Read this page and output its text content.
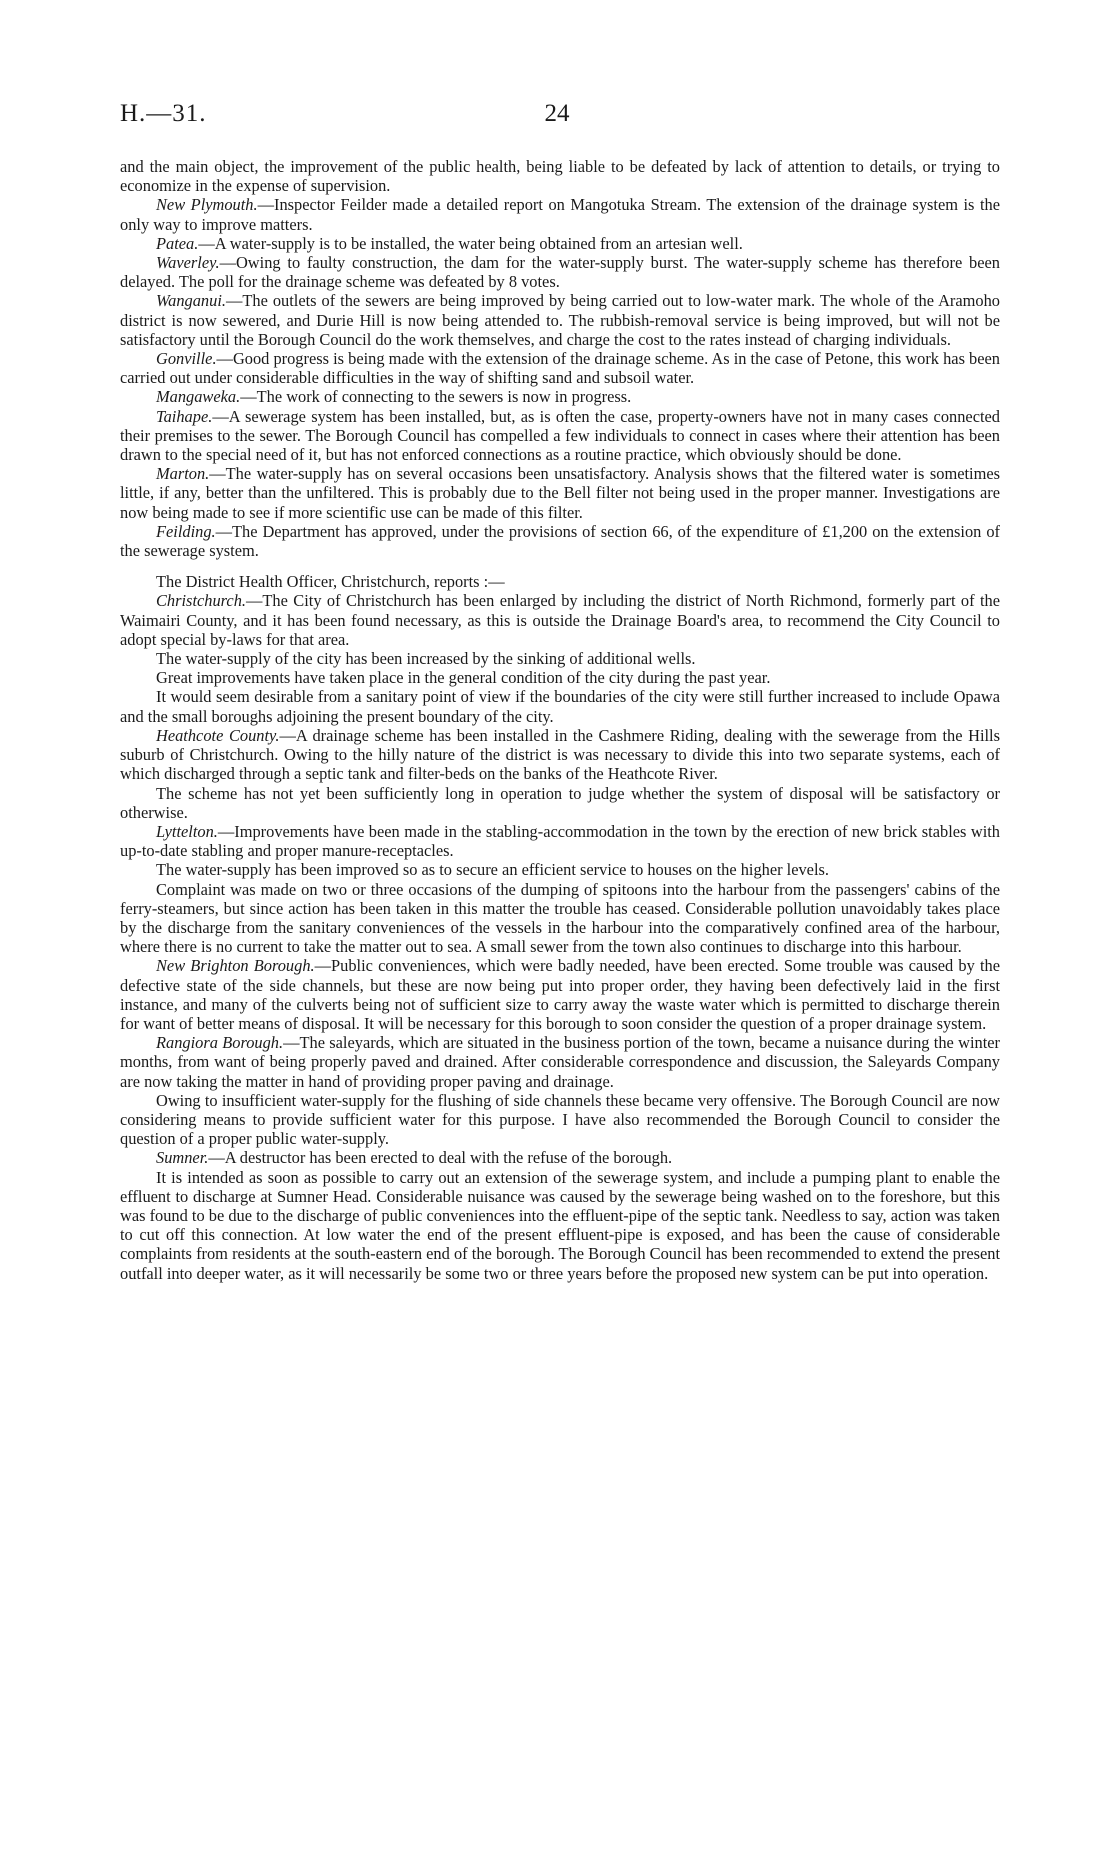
H.—31.	24

and the main object, the improvement of the public health, being liable to be defeated by lack of attention to details, or trying to economize in the expense of supervision.

New Plymouth.—Inspector Feilder made a detailed report on Mangotuka Stream. The extension of the drainage system is the only way to improve matters.

Patea.—A water-supply is to be installed, the water being obtained from an artesian well.

Waverley.—Owing to faulty construction, the dam for the water-supply burst. The water-supply scheme has therefore been delayed. The poll for the drainage scheme was defeated by 8 votes.

Wanganui.—The outlets of the sewers are being improved by being carried out to low-water mark. The whole of the Aramoho district is now sewered, and Durie Hill is now being attended to. The rubbish-removal service is being improved, but will not be satisfactory until the Borough Council do the work themselves, and charge the cost to the rates instead of charging individuals.

Gonville.—Good progress is being made with the extension of the drainage scheme. As in the case of Petone, this work has been carried out under considerable difficulties in the way of shifting sand and subsoil water.

Mangaweka.—The work of connecting to the sewers is now in progress.

Taihape.—A sewerage system has been installed, but, as is often the case, property-owners have not in many cases connected their premises to the sewer. The Borough Council has compelled a few individuals to connect in cases where their attention has been drawn to the special need of it, but has not enforced connections as a routine practice, which obviously should be done.

Marton.—The water-supply has on several occasions been unsatisfactory. Analysis shows that the filtered water is sometimes little, if any, better than the unfiltered. This is probably due to the Bell filter not being used in the proper manner. Investigations are now being made to see if more scientific use can be made of this filter.

Feilding.—The Department has approved, under the provisions of section 66, of the expenditure of £1,200 on the extension of the sewerage system.

The District Health Officer, Christchurch, reports :—

Christchurch.—The City of Christchurch has been enlarged by including the district of North Richmond, formerly part of the Waimairi County, and it has been found necessary, as this is outside the Drainage Board's area, to recommend the City Council to adopt special by-laws for that area.

The water-supply of the city has been increased by the sinking of additional wells.

Great improvements have taken place in the general condition of the city during the past year.

It would seem desirable from a sanitary point of view if the boundaries of the city were still further increased to include Opawa and the small boroughs adjoining the present boundary of the city.

Heathcote County.—A drainage scheme has been installed in the Cashmere Riding, dealing with the sewerage from the Hills suburb of Christchurch. Owing to the hilly nature of the district is was necessary to divide this into two separate systems, each of which discharged through a septic tank and filter-beds on the banks of the Heathcote River.

The scheme has not yet been sufficiently long in operation to judge whether the system of disposal will be satisfactory or otherwise.

Lyttelton.—Improvements have been made in the stabling-accommodation in the town by the erection of new brick stables with up-to-date stabling and proper manure-receptacles.

The water-supply has been improved so as to secure an efficient service to houses on the higher levels.

Complaint was made on two or three occasions of the dumping of spitoons into the harbour from the passengers' cabins of the ferry-steamers, but since action has been taken in this matter the trouble has ceased. Considerable pollution unavoidably takes place by the discharge from the sanitary conveniences of the vessels in the harbour into the comparatively confined area of the harbour, where there is no current to take the matter out to sea. A small sewer from the town also continues to discharge into this harbour.

New Brighton Borough.—Public conveniences, which were badly needed, have been erected. Some trouble was caused by the defective state of the side channels, but these are now being put into proper order, they having been defectively laid in the first instance, and many of the culverts being not of sufficient size to carry away the waste water which is permitted to discharge therein for want of better means of disposal. It will be necessary for this borough to soon consider the question of a proper drainage system.

Rangiora Borough.—The saleyards, which are situated in the business portion of the town, became a nuisance during the winter months, from want of being properly paved and drained. After considerable correspondence and discussion, the Saleyards Company are now taking the matter in hand of providing proper paving and drainage.

Owing to insufficient water-supply for the flushing of side channels these became very offensive. The Borough Council are now considering means to provide sufficient water for this purpose. I have also recommended the Borough Council to consider the question of a proper public water-supply.

Sumner.—A destructor has been erected to deal with the refuse of the borough.

It is intended as soon as possible to carry out an extension of the sewerage system, and include a pumping plant to enable the effluent to discharge at Sumner Head. Considerable nuisance was caused by the sewerage being washed on to the foreshore, but this was found to be due to the discharge of public conveniences into the effluent-pipe of the septic tank. Needless to say, action was taken to cut off this connection. At low water the end of the present effluent-pipe is exposed, and has been the cause of considerable complaints from residents at the south-eastern end of the borough. The Borough Council has been recommended to extend the present outfall into deeper water, as it will necessarily be some two or three years before the proposed new system can be put into operation.
